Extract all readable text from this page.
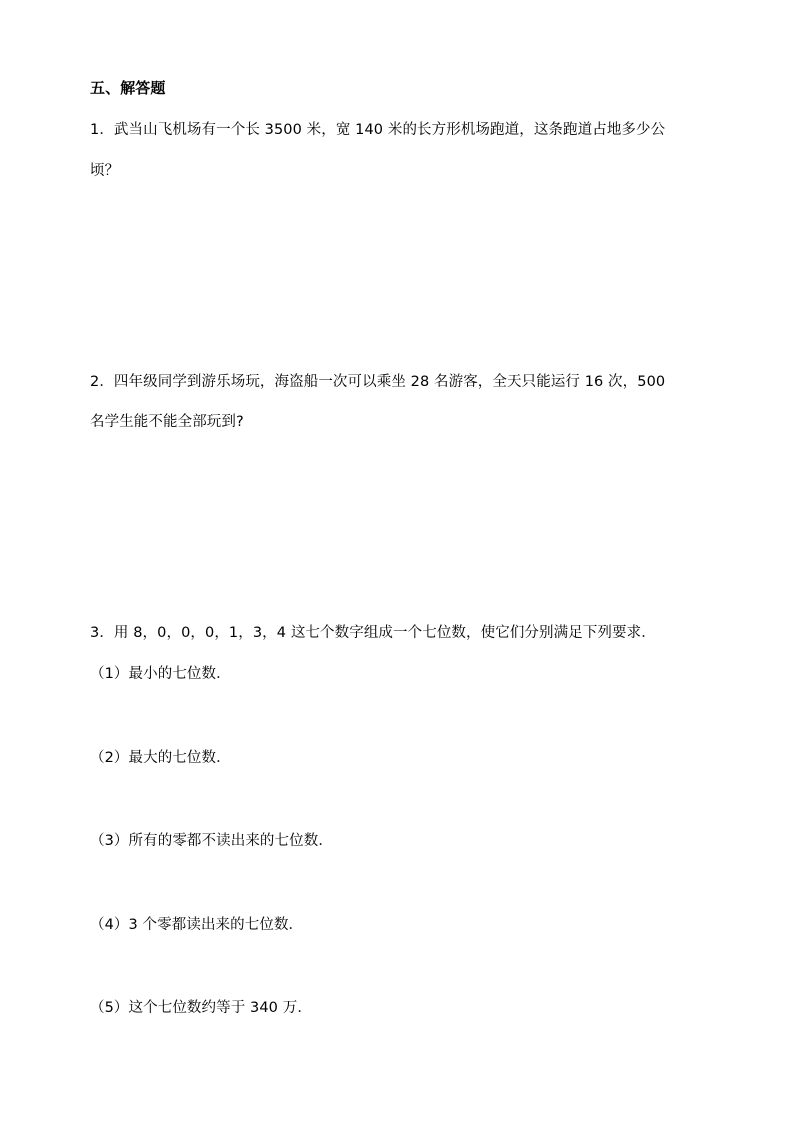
五、解答题
1．武当山飞机场有一个长 3500 米，宽 140 米的长方形机场跑道，这条跑道占地多少公
顷？
2．四年级同学到游乐场玩，海盗船一次可以乘坐 28 名游客，全天只能运行 16 次，500
名学生能不能全部玩到?
3．用 8，0，0，0，1，3，4 这七个数字组成一个七位数，使它们分别满足下列要求．
（1）最小的七位数．
（2）最大的七位数．
（3）所有的零都不读出来的七位数．
（4）3 个零都读出来的七位数．
（5）这个七位数约等于 340 万．
